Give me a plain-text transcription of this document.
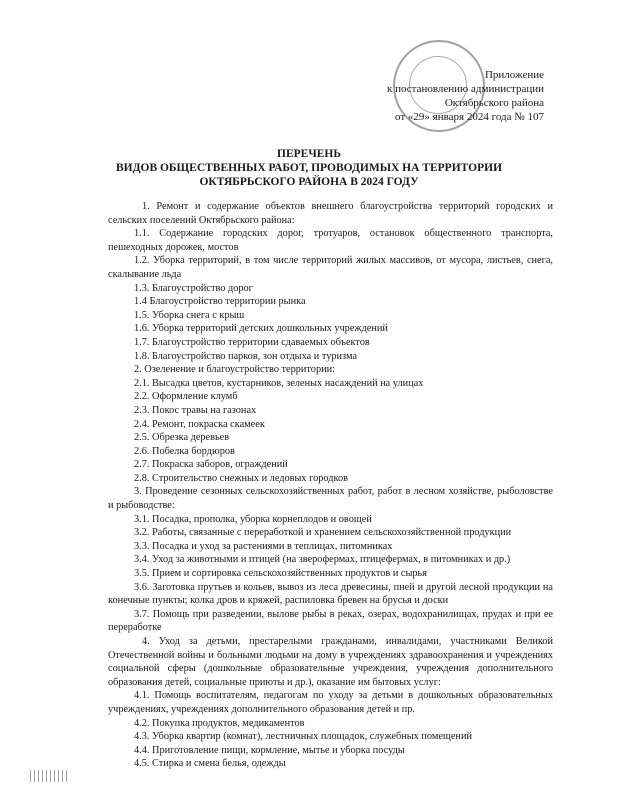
Приложение
к постановлению администрации
Октябрьского района
от «29» января 2024 года № 107
ПЕРЕЧЕНЬ
ВИДОВ ОБЩЕСТВЕННЫХ РАБОТ, ПРОВОДИМЫХ НА ТЕРРИТОРИИ
ОКТЯБРЬСКОГО РАЙОНА В 2024 ГОДУ

1. Ремонт и содержание объектов внешнего благоустройства территорий городских и сельских поселений Октябрьского района:

1.1. Содержание городских дорог, тротуаров, остановок общественного транспорта, пешеходных дорожек, мостов

1.2. Уборка территорий, в том числе территорий жилых массивов, от мусора, листьев, снега, скалывание льда

1.3. Благоустройство дорог

1.4 Благоустройство территории рынка

1.5. Уборка снега с крыш

1.6. Уборка территорий детских дошкольных учреждений

1.7. Благоустройство территории сдаваемых объектов

1.8. Благоустройство парков, зон отдыха и туризма

2. Озеленение и благоустройство территории:

2.1. Высадка цветов, кустарников, зеленых насаждений на улицах

2.2. Оформление клумб

2.3. Покос травы на газонах

2.4. Ремонт, покраска скамеек

2.5. Обрезка деревьев

2.6. Побелка бордюров

2.7. Покраска заборов, ограждений

2.8. Строительство снежных и ледовых городков

3. Проведение сезонных сельскохозяйственных работ, работ в лесном хозяйстве, рыболовстве и рыбоводстве:

3.1. Посадка, прополка, уборка корнеплодов и овощей

3.2. Работы, связанные с переработкой и хранением сельскохозяйственной продукции

3.3. Посадка и уход за растениями в теплицах, питомниках

3.4. Уход за животными и птицей (на зверофермах, птицефермах, в питомниках и др.)

3.5. Прием и сортировка сельскохозяйственных продуктов и сырья

3.6. Заготовка прутьев и кольев, вывоз из леса древесины, пней и другой лесной продукции на конечные пункты; колка дров и кряжей, распиловка бревен на брусья и доски

3.7. Помощь при разведении, вылове рыбы в реках, озерах, водохранилищах, прудах и при ее переработке

4. Уход за детьми, престарелыми гражданами, инвалидами, участниками Великой Отечественной войны и больными людьми на дому в учреждениях здравоохранения и учреждениях социальной сферы (дошкольные образовательные учреждения, учреждения дополнительного образования детей, социальные приюты и др.), оказание им бытовых услуг:

4.1. Помощь воспитателям, педагогам по уходу за детьми в дошкольных образовательных учреждениях, учреждениях дополнительного образования детей и пр.

4.2. Покупка продуктов, медикаментов

4.3. Уборка квартир (комнат), лестничных площадок, служебных помещений

4.4. Приготовление пищи, кормление, мытье и уборка посуды

4.5. Стирка и смена белья, одежды
